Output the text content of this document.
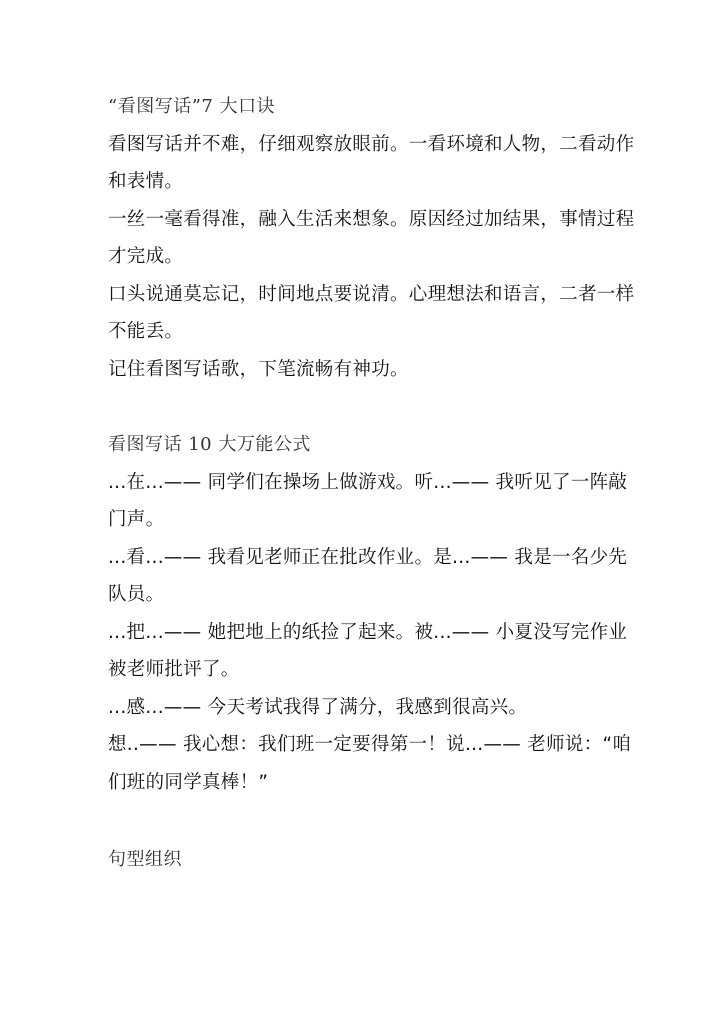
“看图写话”7 大口诀
看图写话并不难，仔细观察放眼前。一看环境和人物，二看动作
和表情。
一丝一毫看得准，融入生活来想象。原因经过加结果，事情过程
才完成。
口头说通莫忘记，时间地点要说清。心理想法和语言，二者一样
不能丢。
记住看图写话歌，下笔流畅有神功。
看图写话 10 大万能公式
...在...—— 同学们在操场上做游戏。听...—— 我听见了一阵敲
门声。
...看...—— 我看见老师正在批改作业。是...—— 我是一名少先
队员。
...把...—— 她把地上的纸捡了起来。被...—— 小夏没写完作业
被老师批评了。
...感...—— 今天考试我得了满分，我感到很高兴。
想..—— 我心想：我们班一定要得第一！说...—— 老师说：“咱
们班的同学真棒！”
句型组织
